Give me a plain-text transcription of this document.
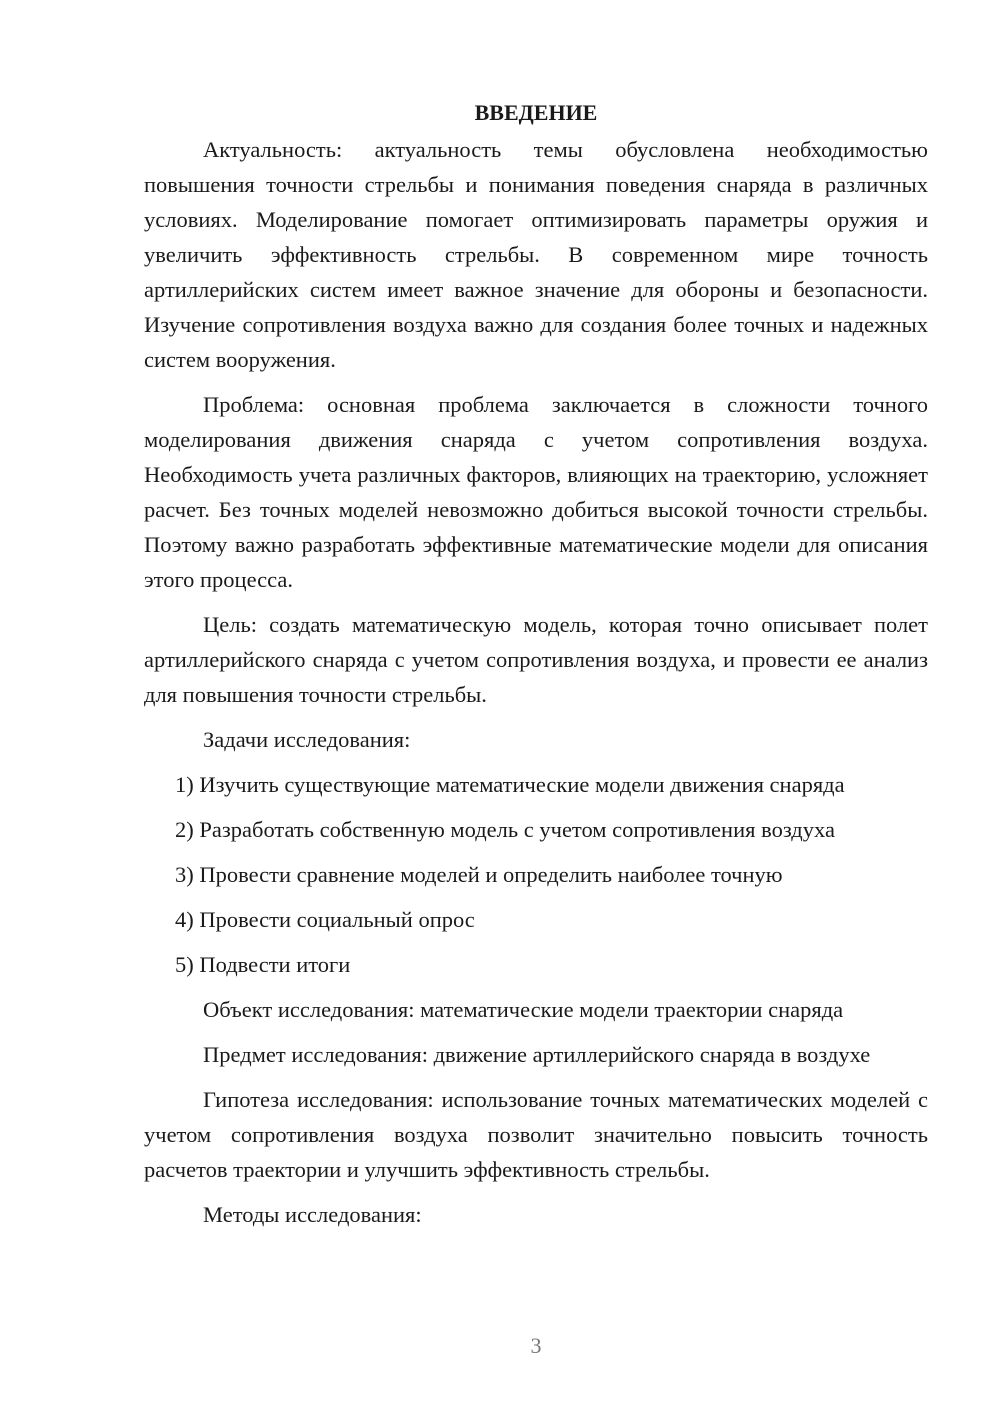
ВВЕДЕНИЕ

Актуальность: актуальность темы обусловлена необходимостью повышения точности стрельбы и понимания поведения снаряда в различных условиях. Моделирование помогает оптимизировать параметры оружия и увеличить эффективность стрельбы. В современном мире точность артиллерийских систем имеет важное значение для обороны и безопасности. Изучение сопротивления воздуха важно для создания более точных и надежных систем вооружения.

Проблема: основная проблема заключается в сложности точного моделирования движения снаряда с учетом сопротивления воздуха. Необходимость учета различных факторов, влияющих на траекторию, усложняет расчет. Без точных моделей невозможно добиться высокой точности стрельбы. Поэтому важно разработать эффективные математические модели для описания этого процесса.

Цель: создать математическую модель, которая точно описывает полет артиллерийского снаряда с учетом сопротивления воздуха, и провести ее анализ для повышения точности стрельбы.

Задачи исследования:

1) Изучить существующие математические модели движения снаряда
2) Разработать собственную модель с учетом сопротивления воздуха
3) Провести сравнение моделей и определить наиболее точную
4) Провести социальный опрос
5) Подвести итоги

Объект исследования: математические модели траектории снаряда

Предмет исследования: движение артиллерийского снаряда в воздухе

Гипотеза исследования: использование точных математических моделей с учетом сопротивления воздуха позволит значительно повысить точность расчетов траектории и улучшить эффективность стрельбы.

Методы исследования:

3
